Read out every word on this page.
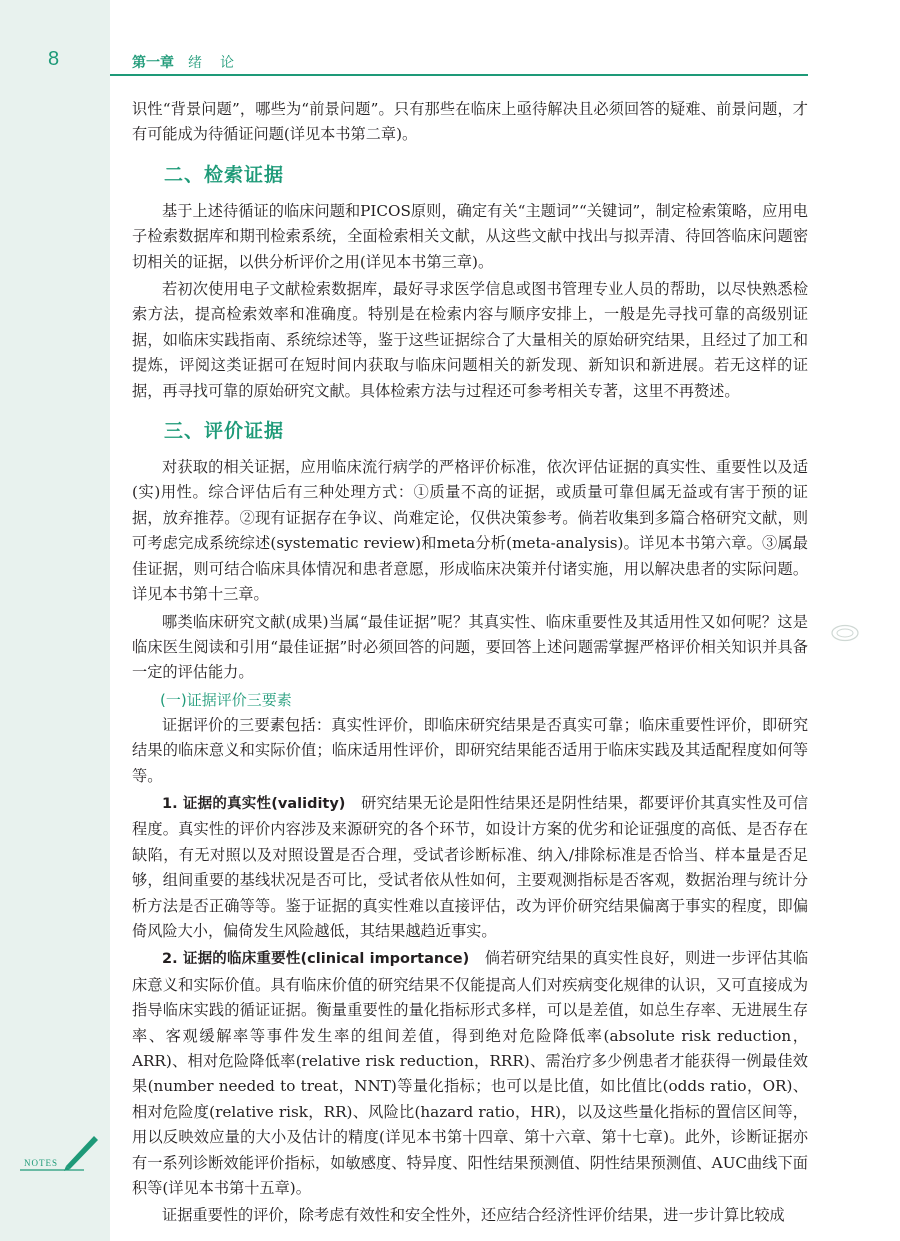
8	第一章 绪论

识性“背景问题”，哪些为“前景问题”。只有那些在临床上亟待解决且必须回答的疑难、前景问题，才有可能成为待循证问题(详见本书第二章)。

二、检索证据

基于上述待循证的临床问题和PICOS原则，确定有关“主题词”“关键词”，制定检索策略，应用电子检索数据库和期刊检索系统，全面检索相关文献，从这些文献中找出与拟弄清、待回答临床问题密切相关的证据，以供分析评价之用(详见本书第三章)。

若初次使用电子文献检索数据库，最好寻求医学信息或图书管理专业人员的帮助，以尽快熟悉检索方法，提高检索效率和准确度。特别是在检索内容与顺序安排上，一般是先寻找可靠的高级别证据，如临床实践指南、系统综述等，鉴于这些证据综合了大量相关的原始研究结果，且经过了加工和提炼，评阅这类证据可在短时间内获取与临床问题相关的新发现、新知识和新进展。若无这样的证据，再寻找可靠的原始研究文献。具体检索方法与过程还可参考相关专著，这里不再赘述。

三、评价证据

对获取的相关证据，应用临床流行病学的严格评价标准，依次评估证据的真实性、重要性以及适(实)用性。综合评估后有三种处理方式：①质量不高的证据，或质量可靠但属无益或有害于预的证据，放弃推荐。②现有证据存在争议、尚难定论，仅供决策参考。倘若收集到多篇合格研究文献，则可考虑完成系统综述(systematic review)和meta分析(meta-analysis)。详见本书第六章。③属最佳证据，则可结合临床具体情况和患者意愿，形成临床决策并付诸实施，用以解决患者的实际问题。详见本书第十三章。

哪类临床研究文献(成果)当属“最佳证据”呢？其真实性、临床重要性及其适用性又如何呢？这是临床医生阅读和引用“最佳证据”时必须回答的问题，要回答上述问题需掌握严格评价相关知识并具备一定的评估能力。

(一)证据评价三要素

证据评价的三要素包括：真实性评价，即临床研究结果是否真实可靠；临床重要性评价，即研究结果的临床意义和实际价值；临床适用性评价，即研究结果能否适用于临床实践及其适配程度如何等等。

1. 证据的真实性(validity)　 研究结果无论是阳性结果还是阴性结果，都要评价其真实性及可信程度。真实性的评价内容涉及来源研究的各个环节，如设计方案的优劣和论证强度的高低、是否存在缺陷，有无对照以及对照设置是否合理，受试者诊断标准、纳入/排除标准是否恰当、样本量是否足够，组间重要的基线状况是否可比，受试者依从性如何，主要观测指标是否客观，数据治理与统计分析方法是否正确等等。鉴于证据的真实性难以直接评估，改为评价研究结果偏离于事实的程度，即偏倚风险大小，偏倚发生风险越低，其结果越趋近事实。

2. 证据的临床重要性(clinical importance)　 倘若研究结果的真实性良好，则进一步评估其临床意义和实际价值。具有临床价值的研究结果不仅能提高人们对疾病变化规律的认识，又可直接成为指导临床实践的循证证据。衡量重要性的量化指标形式多样，可以是差值，如总生存率、无进展生存率、客观缓解率等事件发生率的组间差值，得到绝对危险降低率(absolute risk reduction，ARR)、相对危险降低率(relative risk reduction，RRR)、需治疗多少例患者才能获得一例最佳效果(number needed to treat，NNT)等量化指标；也可以是比值，如比值比(odds ratio，OR)、相对危险度(relative risk，RR)、风险比(hazard ratio，HR)，以及这些量化指标的置信区间等，用以反映效应量的大小及估计的精度(详见本书第十四章、第十六章、第十七章)。此外，诊断证据亦有一系列诊断效能评价指标，如敏感度、特异度、阳性结果预测值、阴性结果预测值、AUC曲线下面积等(详见本书第十五章)。

证据重要性的评价，除考虑有效性和安全性外，还应结合经济性评价结果，进一步计算比较成

NOTES
